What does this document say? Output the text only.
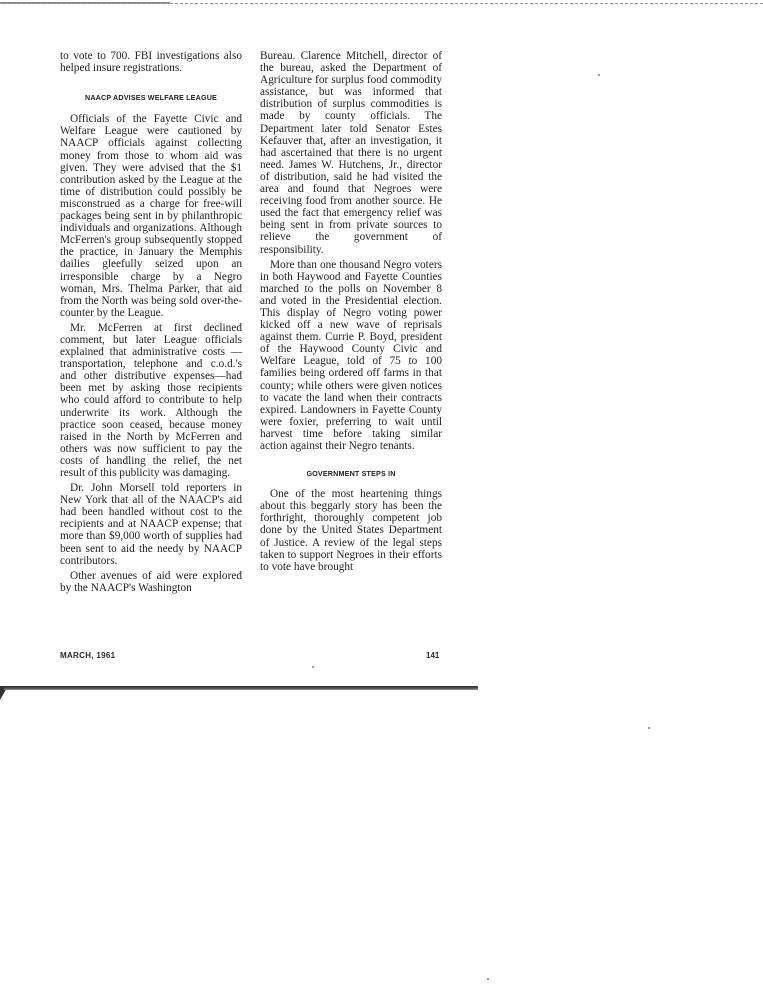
to vote to 700. FBI investigations also helped insure registrations.

NAACP ADVISES WELFARE LEAGUE

Officials of the Fayette Civic and Welfare League were cautioned by NAACP officials against collecting money from those to whom aid was given. They were advised that the $1 contribution asked by the League at the time of distribution could possibly be misconstrued as a charge for free-will packages being sent in by philanthropic individuals and organizations. Although McFerren's group subsequently stopped the practice, in January the Memphis dailies gleefully seized upon an irresponsible charge by a Negro woman, Mrs. Thelma Parker, that aid from the North was being sold over-the-counter by the League.

Mr. McFerren at first declined comment, but later League officials explained that administrative costs — transportation, telephone and c.o.d.'s and other distributive expenses—had been met by asking those recipients who could afford to contribute to help underwrite its work. Although the practice soon ceased, because money raised in the North by McFerren and others was now sufficient to pay the costs of handling the relief, the net result of this publicity was damaging.

Dr. John Morsell told reporters in New York that all of the NAACP's aid had been handled without cost to the recipients and at NAACP expense; that more than $9,000 worth of supplies had been sent to aid the needy by NAACP contributors.

Other avenues of aid were explored by the NAACP's Washington

Bureau. Clarence Mitchell, director of the bureau, asked the Department of Agriculture for surplus food commodity assistance, but was informed that distribution of surplus commodities is made by county officials. The Department later told Senator Estes Kefauver that, after an investigation, it had ascertained that there is no urgent need. James W. Hutchens, Jr., director of distribution, said he had visited the area and found that Negroes were receiving food from another source. He used the fact that emergency relief was being sent in from private sources to relieve the government of responsibility.

More than one thousand Negro voters in both Haywood and Fayette Counties marched to the polls on November 8 and voted in the Presidential election. This display of Negro voting power kicked off a new wave of reprisals against them. Currie P. Boyd, president of the Haywood County Civic and Welfare League, told of 75 to 100 families being ordered off farms in that county; while others were given notices to vacate the land when their contracts expired. Landowners in Fayette County were foxier, preferring to wait until harvest time before taking similar action against their Negro tenants.

GOVERNMENT STEPS IN

One of the most heartening things about this beggarly story has been the forthright, thoroughly competent job done by the United States Department of Justice. A review of the legal steps taken to support Negroes in their efforts to vote have brought

MARCH, 1961	141
